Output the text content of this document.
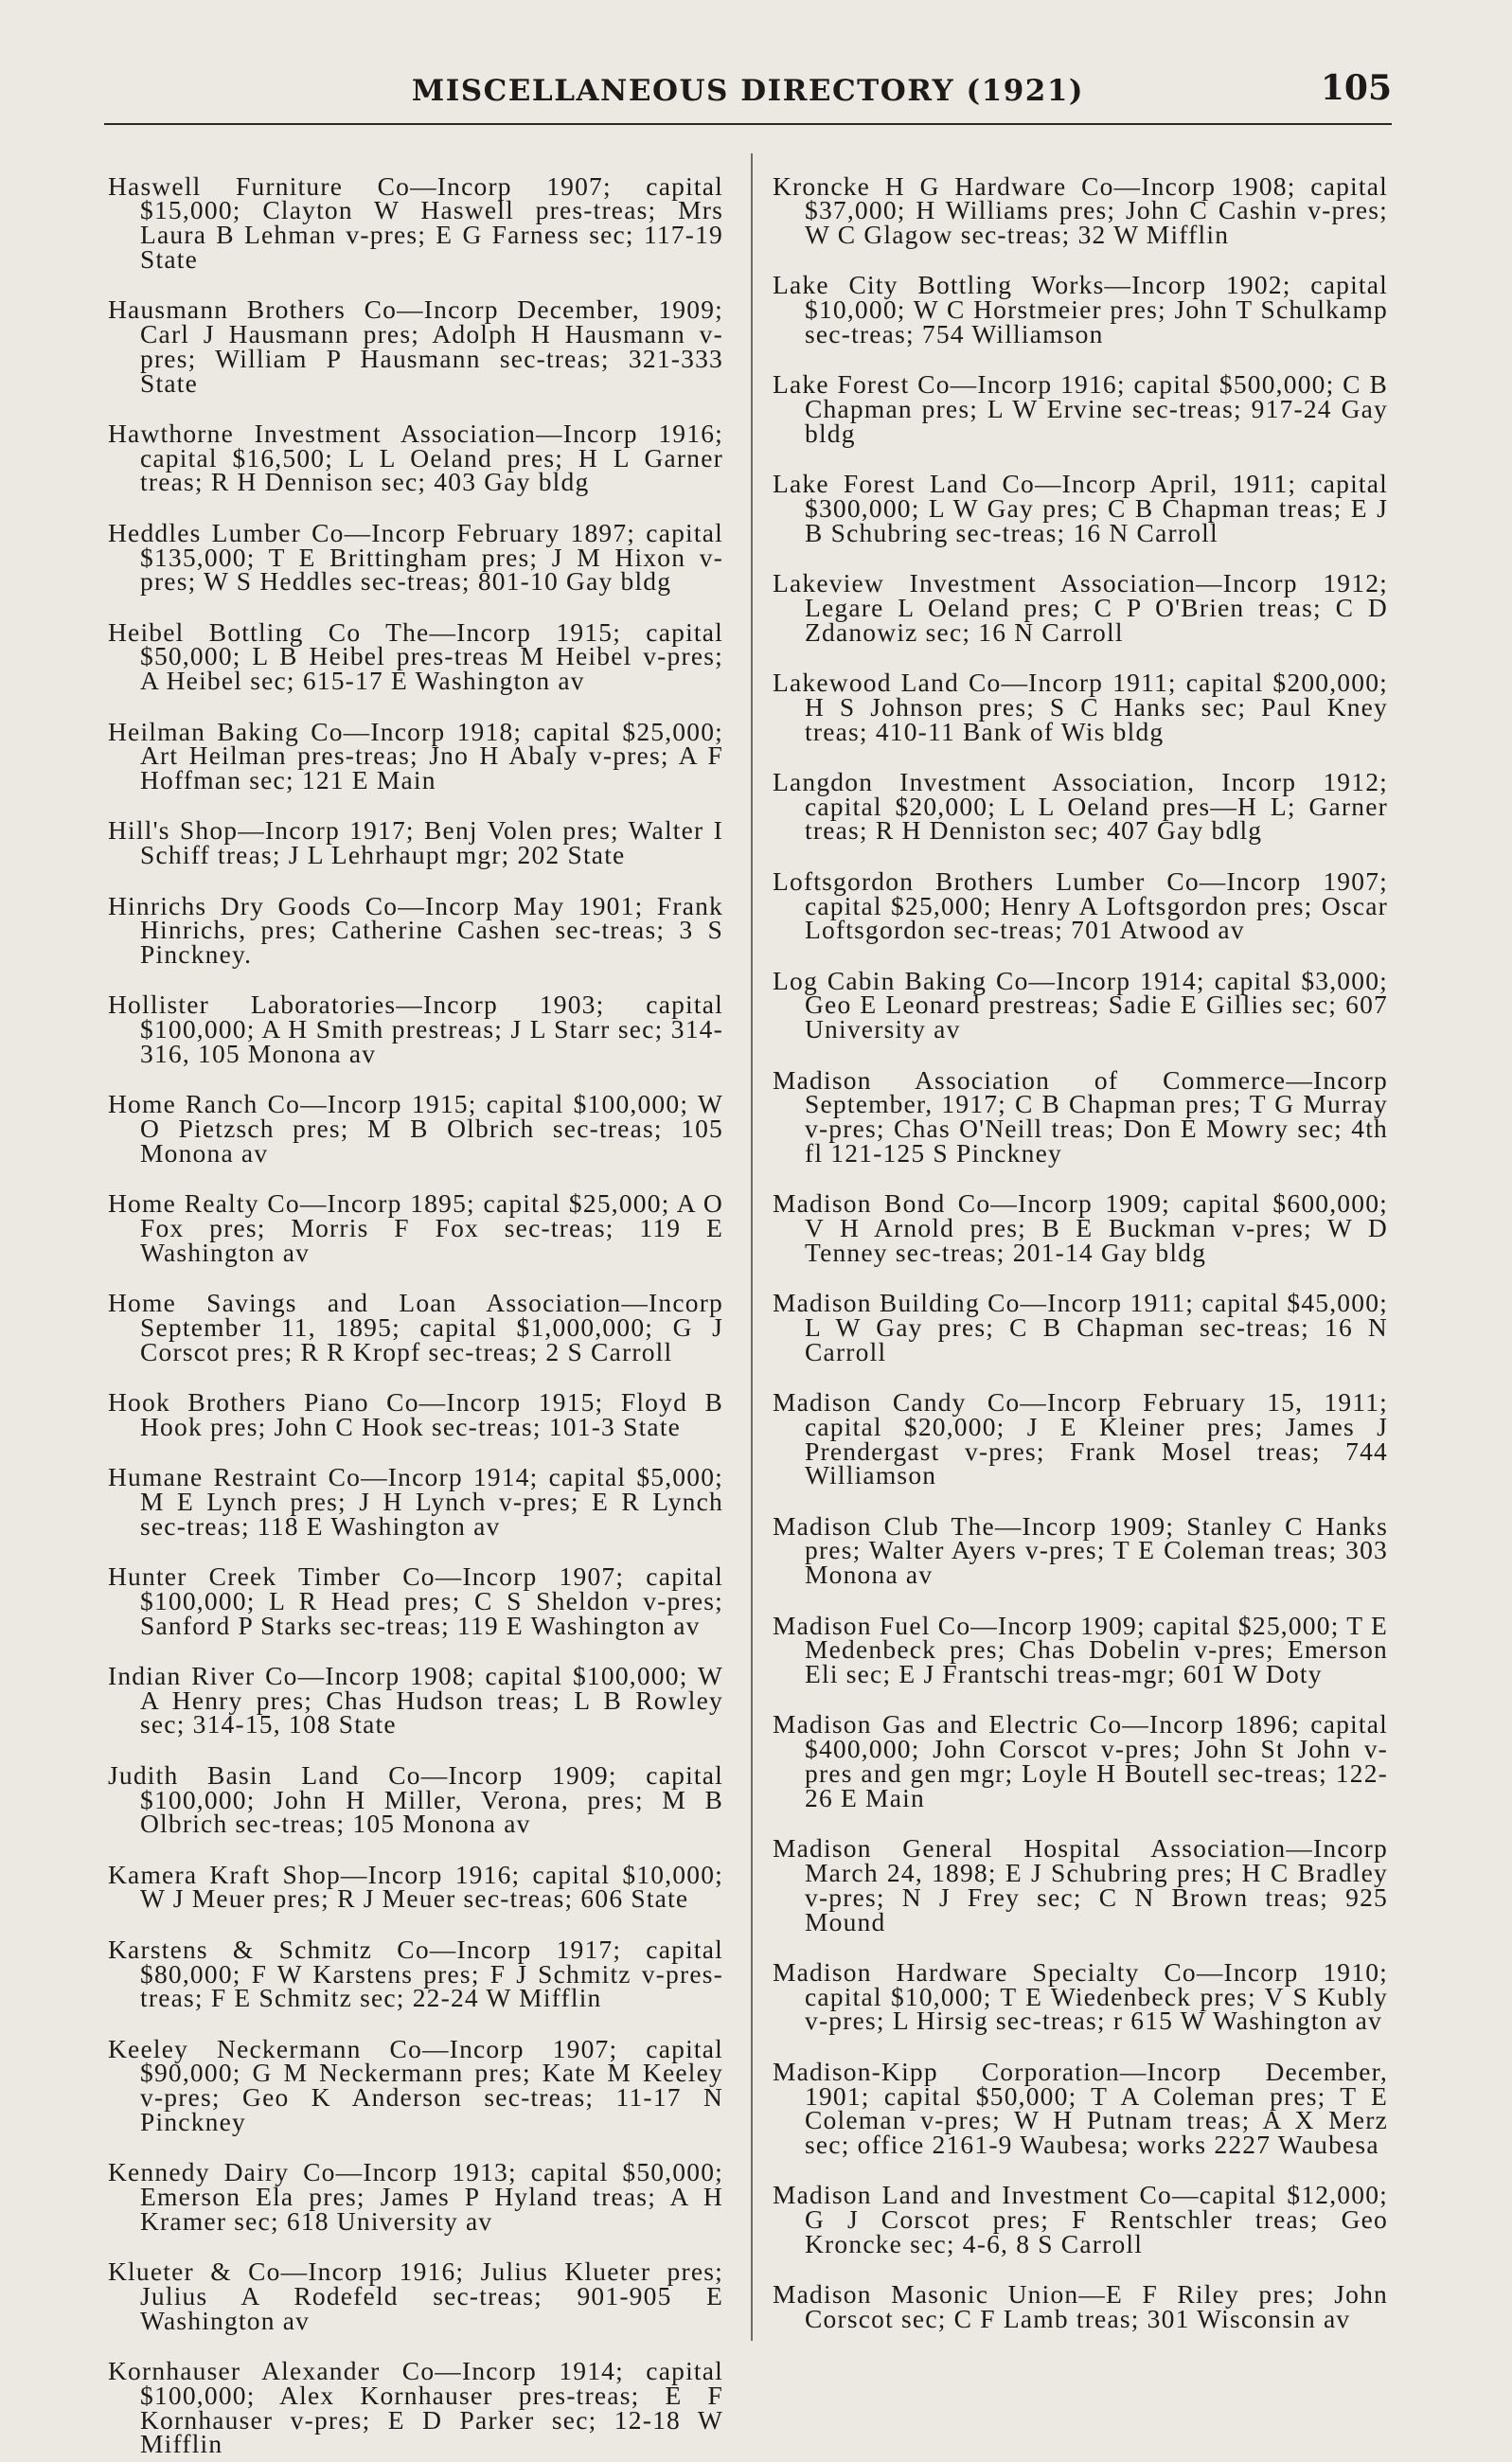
MISCELLANEOUS DIRECTORY (1921)	105

Haswell Furniture Co—Incorp 1907; capital $15,000; Clayton W Haswell pres-treas; Mrs Laura B Lehman v-pres; E G Farness sec; 117-19 State

Hausmann Brothers Co—Incorp December, 1909; Carl J Hausmann pres; Adolph H Hausmann v-pres; William P Hausmann sec-treas; 321-333 State

Hawthorne Investment Association—Incorp 1916; capital $16,500; L L Oeland pres; H L Garner treas; R H Dennison sec; 403 Gay bldg

Heddles Lumber Co—Incorp February 1897; capital $135,000; T E Brittingham pres; J M Hixon v-pres; W S Heddles sec-treas; 801-10 Gay bldg

Heibel Bottling Co The—Incorp 1915; capital $50,000; L B Heibel pres-treas M Heibel v-pres; A Heibel sec; 615-17 E Washington av

Heilman Baking Co—Incorp 1918; capital $25,000; Art Heilman pres-treas; Jno H Abaly v-pres; A F Hoffman sec; 121 E Main

Hill's Shop—Incorp 1917; Benj Volen pres; Walter I Schiff treas; J L Lehrhaupt mgr; 202 State

Hinrichs Dry Goods Co—Incorp May 1901; Frank Hinrichs, pres; Catherine Cashen sec-treas; 3 S Pinckney.

Hollister Laboratories—Incorp 1903; capital $100,000; A H Smith prestreas; J L Starr sec; 314-316, 105 Monona av

Home Ranch Co—Incorp 1915; capital $100,000; W O Pietzsch pres; M B Olbrich sec-treas; 105 Monona av

Home Realty Co—Incorp 1895; capital $25,000; A O Fox pres; Morris F Fox sec-treas; 119 E Washington av

Home Savings and Loan Association—Incorp September 11, 1895; capital $1,000,000; G J Corscot pres; R R Kropf sec-treas; 2 S Carroll

Hook Brothers Piano Co—Incorp 1915; Floyd B Hook pres; John C Hook sec-treas; 101-3 State

Humane Restraint Co—Incorp 1914; capital $5,000; M E Lynch pres; J H Lynch v-pres; E R Lynch sec-treas; 118 E Washington av

Hunter Creek Timber Co—Incorp 1907; capital $100,000; L R Head pres; C S Sheldon v-pres; Sanford P Starks sec-treas; 119 E Washington av

Indian River Co—Incorp 1908; capital $100,000; W A Henry pres; Chas Hudson treas; L B Rowley sec; 314-15, 108 State

Judith Basin Land Co—Incorp 1909; capital $100,000; John H Miller, Verona, pres; M B Olbrich sec-treas; 105 Monona av

Kamera Kraft Shop—Incorp 1916; capital $10,000; W J Meuer pres; R J Meuer sec-treas; 606 State

Karstens & Schmitz Co—Incorp 1917; capital $80,000; F W Karstens pres; F J Schmitz v-pres-treas; F E Schmitz sec; 22-24 W Mifflin

Keeley Neckermann Co—Incorp 1907; capital $90,000; G M Neckermann pres; Kate M Keeley v-pres; Geo K Anderson sec-treas; 11-17 N Pinckney

Kennedy Dairy Co—Incorp 1913; capital $50,000; Emerson Ela pres; James P Hyland treas; A H Kramer sec; 618 University av

Klueter & Co—Incorp 1916; Julius Klueter pres; Julius A Rodefeld sec-treas; 901-905 E Washington av

Kornhauser Alexander Co—Incorp 1914; capital $100,000; Alex Kornhauser pres-treas; E F Kornhauser v-pres; E D Parker sec; 12-18 W Mifflin

Kroncke H G Hardware Co—Incorp 1908; capital $37,000; H Williams pres; John C Cashin v-pres; W C Glagow sec-treas; 32 W Mifflin

Lake City Bottling Works—Incorp 1902; capital $10,000; W C Horstmeier pres; John T Schulkamp sec-treas; 754 Williamson

Lake Forest Co—Incorp 1916; capital $500,000; C B Chapman pres; L W Ervine sec-treas; 917-24 Gay bldg

Lake Forest Land Co—Incorp April, 1911; capital $300,000; L W Gay pres; C B Chapman treas; E J B Schubring sec-treas; 16 N Carroll

Lakeview Investment Association—Incorp 1912; Legare L Oeland pres; C P O'Brien treas; C D Zdanowiz sec; 16 N Carroll

Lakewood Land Co—Incorp 1911; capital $200,000; H S Johnson pres; S C Hanks sec; Paul Kney treas; 410-11 Bank of Wis bldg

Langdon Investment Association, Incorp 1912; capital $20,000; L L Oeland pres—H L; Garner treas; R H Denniston sec; 407 Gay bdlg

Loftsgordon Brothers Lumber Co—Incorp 1907; capital $25,000; Henry A Loftsgordon pres; Oscar Loftsgordon sec-treas; 701 Atwood av

Log Cabin Baking Co—Incorp 1914; capital $3,000; Geo E Leonard prestreas; Sadie E Gillies sec; 607 University av

Madison Association of Commerce—Incorp September, 1917; C B Chapman pres; T G Murray v-pres; Chas O'Neill treas; Don E Mowry sec; 4th fl 121-125 S Pinckney

Madison Bond Co—Incorp 1909; capital $600,000; V H Arnold pres; B E Buckman v-pres; W D Tenney sec-treas; 201-14 Gay bldg

Madison Building Co—Incorp 1911; capital $45,000; L W Gay pres; C B Chapman sec-treas; 16 N Carroll

Madison Candy Co—Incorp February 15, 1911; capital $20,000; J E Kleiner pres; James J Prendergast v-pres; Frank Mosel treas; 744 Williamson

Madison Club The—Incorp 1909; Stanley C Hanks pres; Walter Ayers v-pres; T E Coleman treas; 303 Monona av

Madison Fuel Co—Incorp 1909; capital $25,000; T E Medenbeck pres; Chas Dobelin v-pres; Emerson Eli sec; E J Frantschi treas-mgr; 601 W Doty

Madison Gas and Electric Co—Incorp 1896; capital $400,000; John Corscot v-pres; John St John v-pres and gen mgr; Loyle H Boutell sec-treas; 122-26 E Main

Madison General Hospital Association—Incorp March 24, 1898; E J Schubring pres; H C Bradley v-pres; N J Frey sec; C N Brown treas; 925 Mound

Madison Hardware Specialty Co—Incorp 1910; capital $10,000; T E Wiedenbeck pres; V S Kubly v-pres; L Hirsig sec-treas; r 615 W Washington av

Madison-Kipp Corporation—Incorp December, 1901; capital $50,000; T A Coleman pres; T E Coleman v-pres; W H Putnam treas; A X Merz sec; office 2161-9 Waubesa; works 2227 Waubesa

Madison Land and Investment Co—capital $12,000; G J Corscot pres; F Rentschler treas; Geo Kroncke sec; 4-6, 8 S Carroll

Madison Masonic Union—E F Riley pres; John Corscot sec; C F Lamb treas; 301 Wisconsin av
